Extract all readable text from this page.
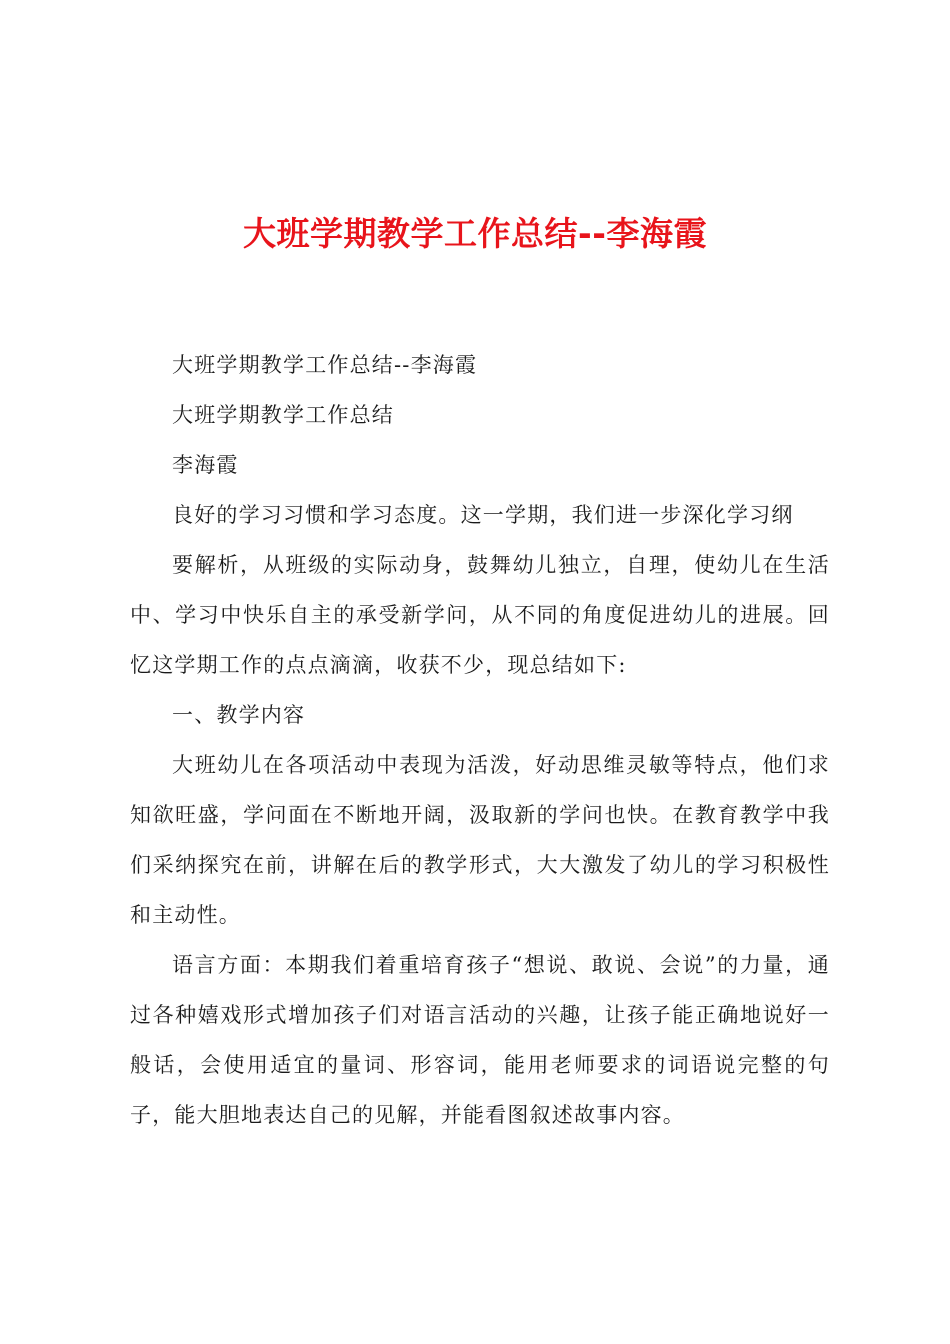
大班学期教学工作总结--李海霞

大班学期教学工作总结--李海霞

大班学期教学工作总结

李海霞

良好的学习习惯和学习态度。这一学期，我们进一步深化学习纲

要解析，从班级的实际动身，鼓舞幼儿独立，自理，使幼儿在生活中、学习中快乐自主的承受新学问，从不同的角度促进幼儿的进展。回忆这学期工作的点点滴滴，收获不少，现总结如下:

一、教学内容

大班幼儿在各项活动中表现为活泼，好动思维灵敏等特点，他们求知欲旺盛，学问面在不断地开阔，汲取新的学问也快。在教育教学中我们采纳探究在前，讲解在后的教学形式，大大激发了幼儿的学习积极性和主动性。

语言方面：本期我们着重培育孩子“想说、敢说、会说”的力量，通过各种嬉戏形式增加孩子们对语言活动的兴趣，让孩子能正确地说好一般话，会使用适宜的量词、形容词，能用老师要求的词语说完整的句子，能大胆地表达自己的见解，并能看图叙述故事内容。
